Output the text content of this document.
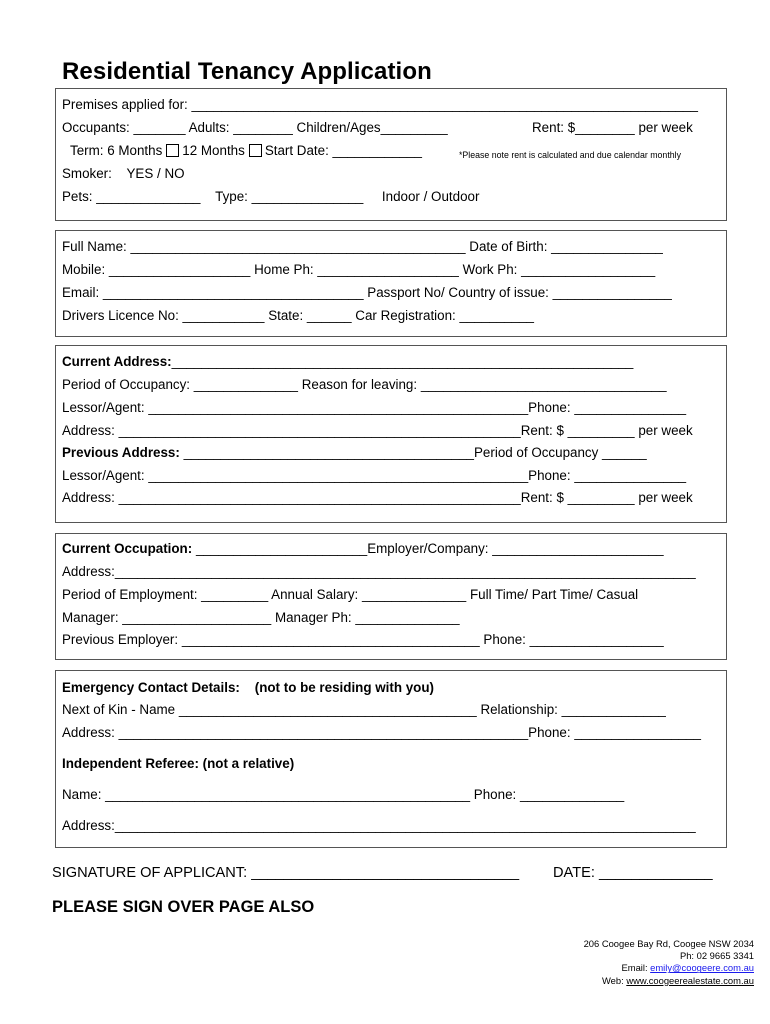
Residential Tenancy Application
Premises applied for: ____________________________________________________________________
Occupants: _______ Adults: ________ Children/Ages_________	Rent: $________ per week
Term: 6 Months 12 Months Start Date: ____________	*Please note rent is calculated and due calendar monthly
Smoker:    YES / NO
Pets: ______________    Type: _______________     Indoor / Outdoor
Full Name: _____________________________________________ Date of Birth: _______________
Mobile: ___________________ Home Ph: ___________________ Work Ph: __________________
Email: ___________________________________ Passport No/ Country of issue: ________________
Drivers Licence No: ___________ State: ______ Car Registration: __________
Current Address:______________________________________________________________
Period of Occupancy: ______________ Reason for leaving: _________________________________
Lessor/Agent: ___________________________________________________Phone: _______________
Address: ______________________________________________________Rent: $ _________ per week
Previous Address: _______________________________________Period of Occupancy ______
Lessor/Agent: ___________________________________________________Phone: _______________
Address: ______________________________________________________Rent: $ _________ per week
Current Occupation: _______________________Employer/Company: _______________________
Address:______________________________________________________________________________
Period of Employment: _________ Annual Salary: ______________ Full Time/ Part Time/ Casual
Manager: ____________________ Manager Ph: ______________
Previous Employer: ________________________________________ Phone: __________________
Emergency Contact Details:    (not to be residing with you)
Next of Kin - Name ________________________________________ Relationship: ______________
Address: _______________________________________________________Phone: _________________
Independent Referee: (not a relative)
Name: _________________________________________________ Phone: ______________
Address:______________________________________________________________________________
SIGNATURE OF APPLICANT: _________________________________ DATE: ______________
PLEASE SIGN OVER PAGE ALSO
206 Coogee Bay Rd, Coogee NSW 2034
Ph: 02 9665 3341
Email: emily@coogeere.com.au
Web: www.coogeerealestate.com.au
